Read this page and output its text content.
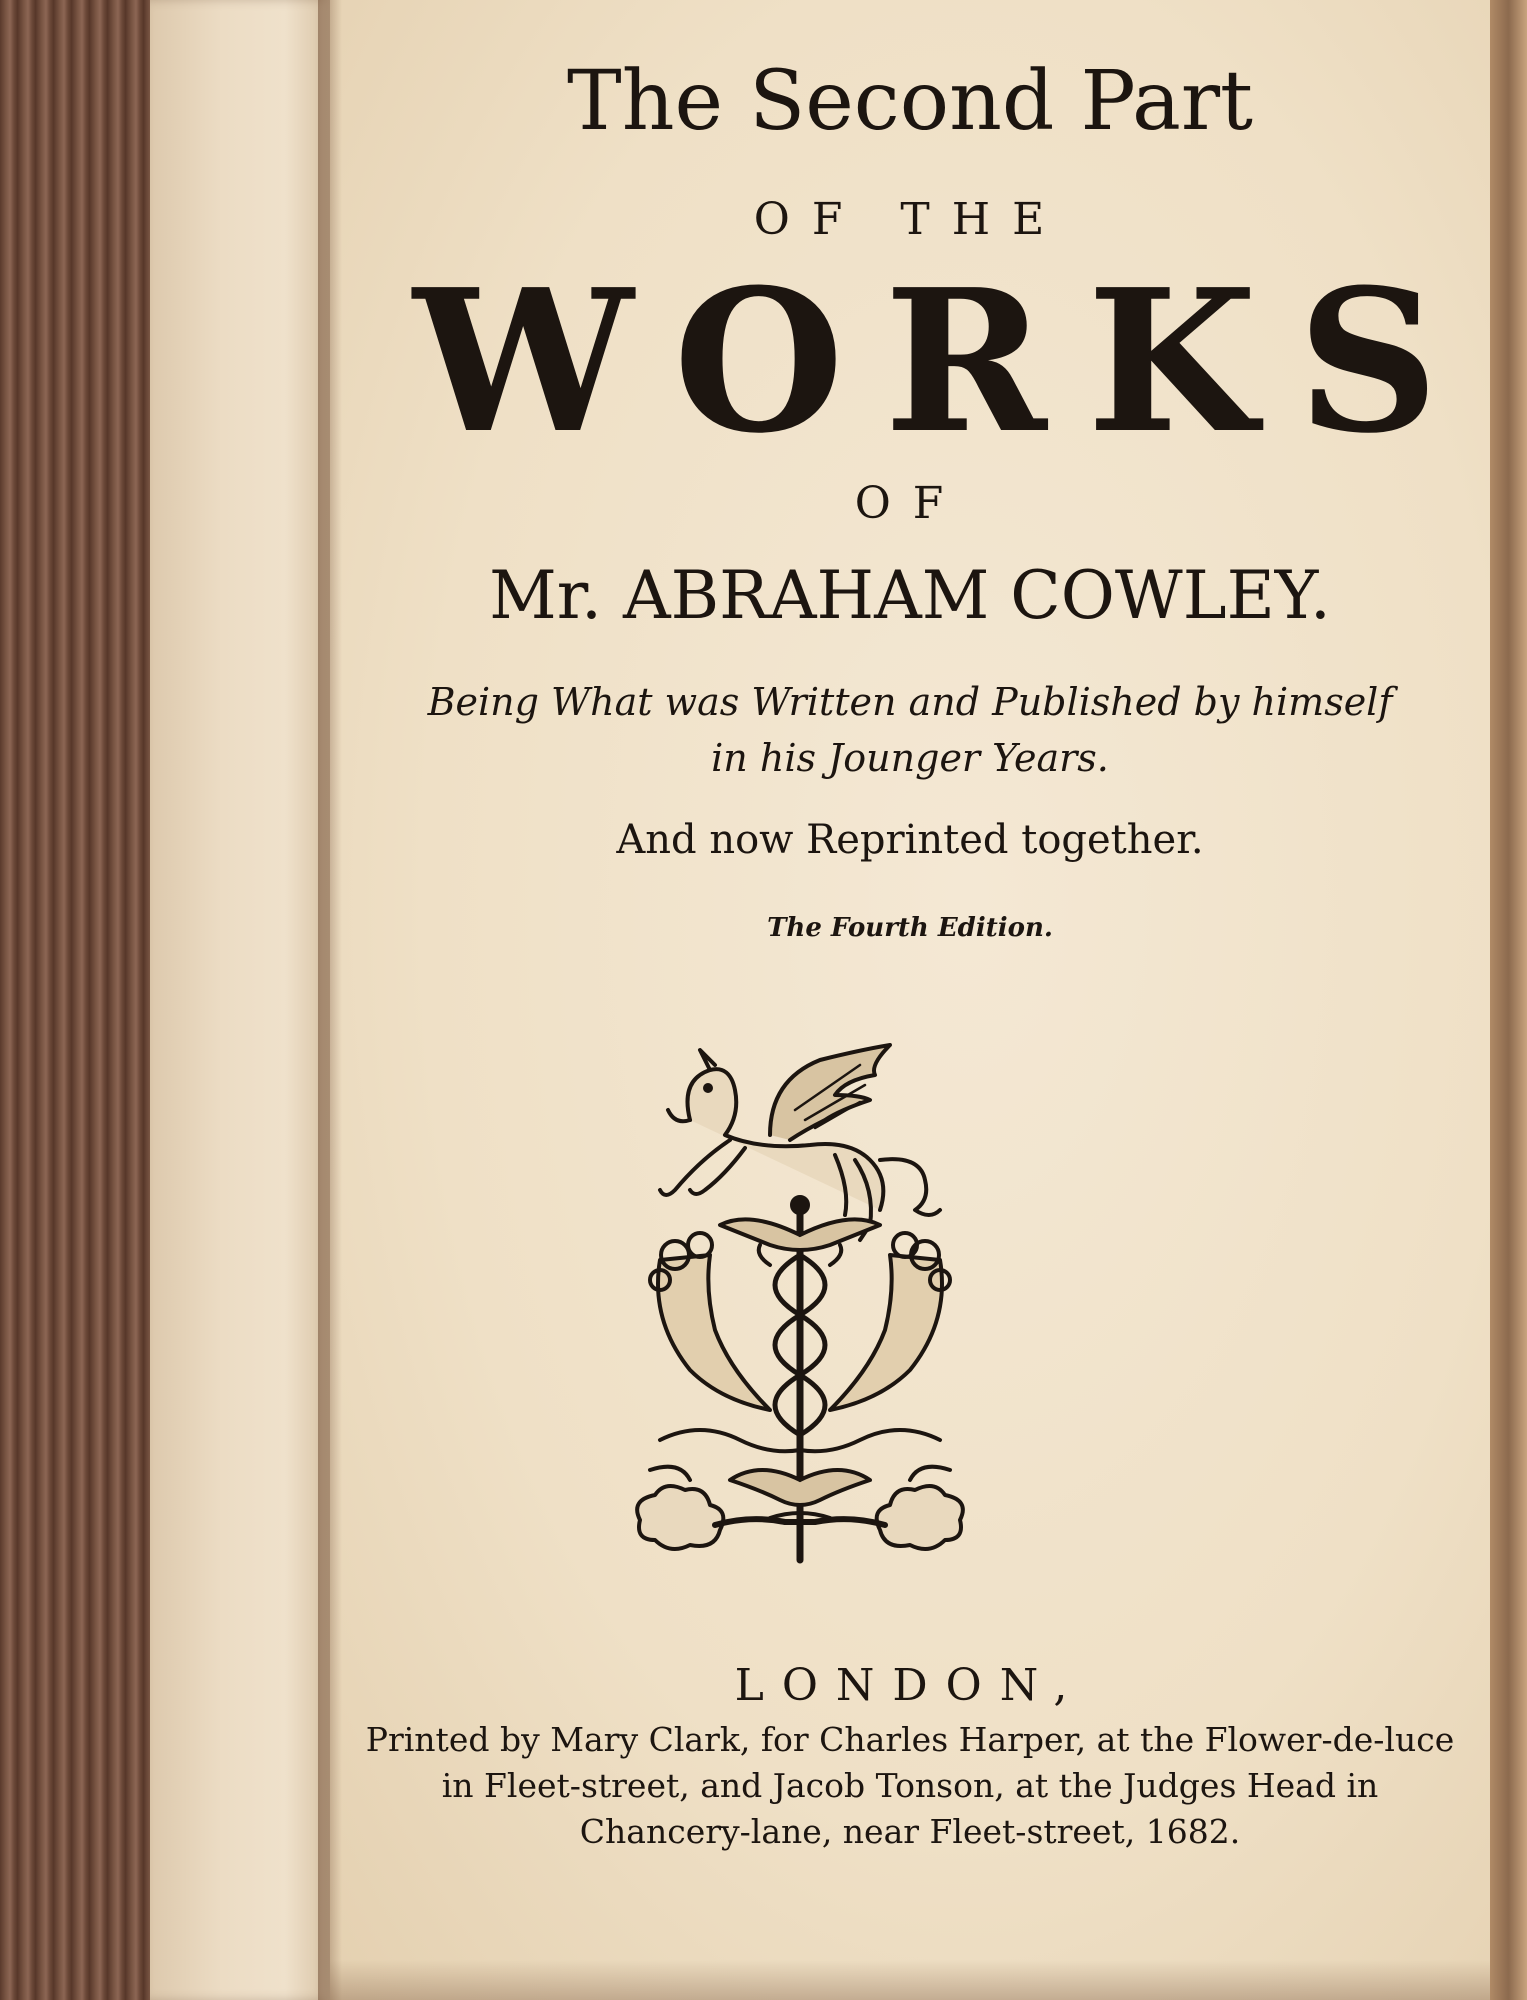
The Second Part
OF THE
WORKS
OF
Mr. ABRAHAM COWLEY.
Being What was Written and Published by himself
in his Jounger Years.
And now Reprinted together.
The Fourth Edition.
LONDON,
Printed by Mary Clark, for Charles Harper, at the Flower-de-luce
in Fleet-street, and Jacob Tonson, at the Judges Head in
Chancery-lane, near Fleet-street, 1682.
